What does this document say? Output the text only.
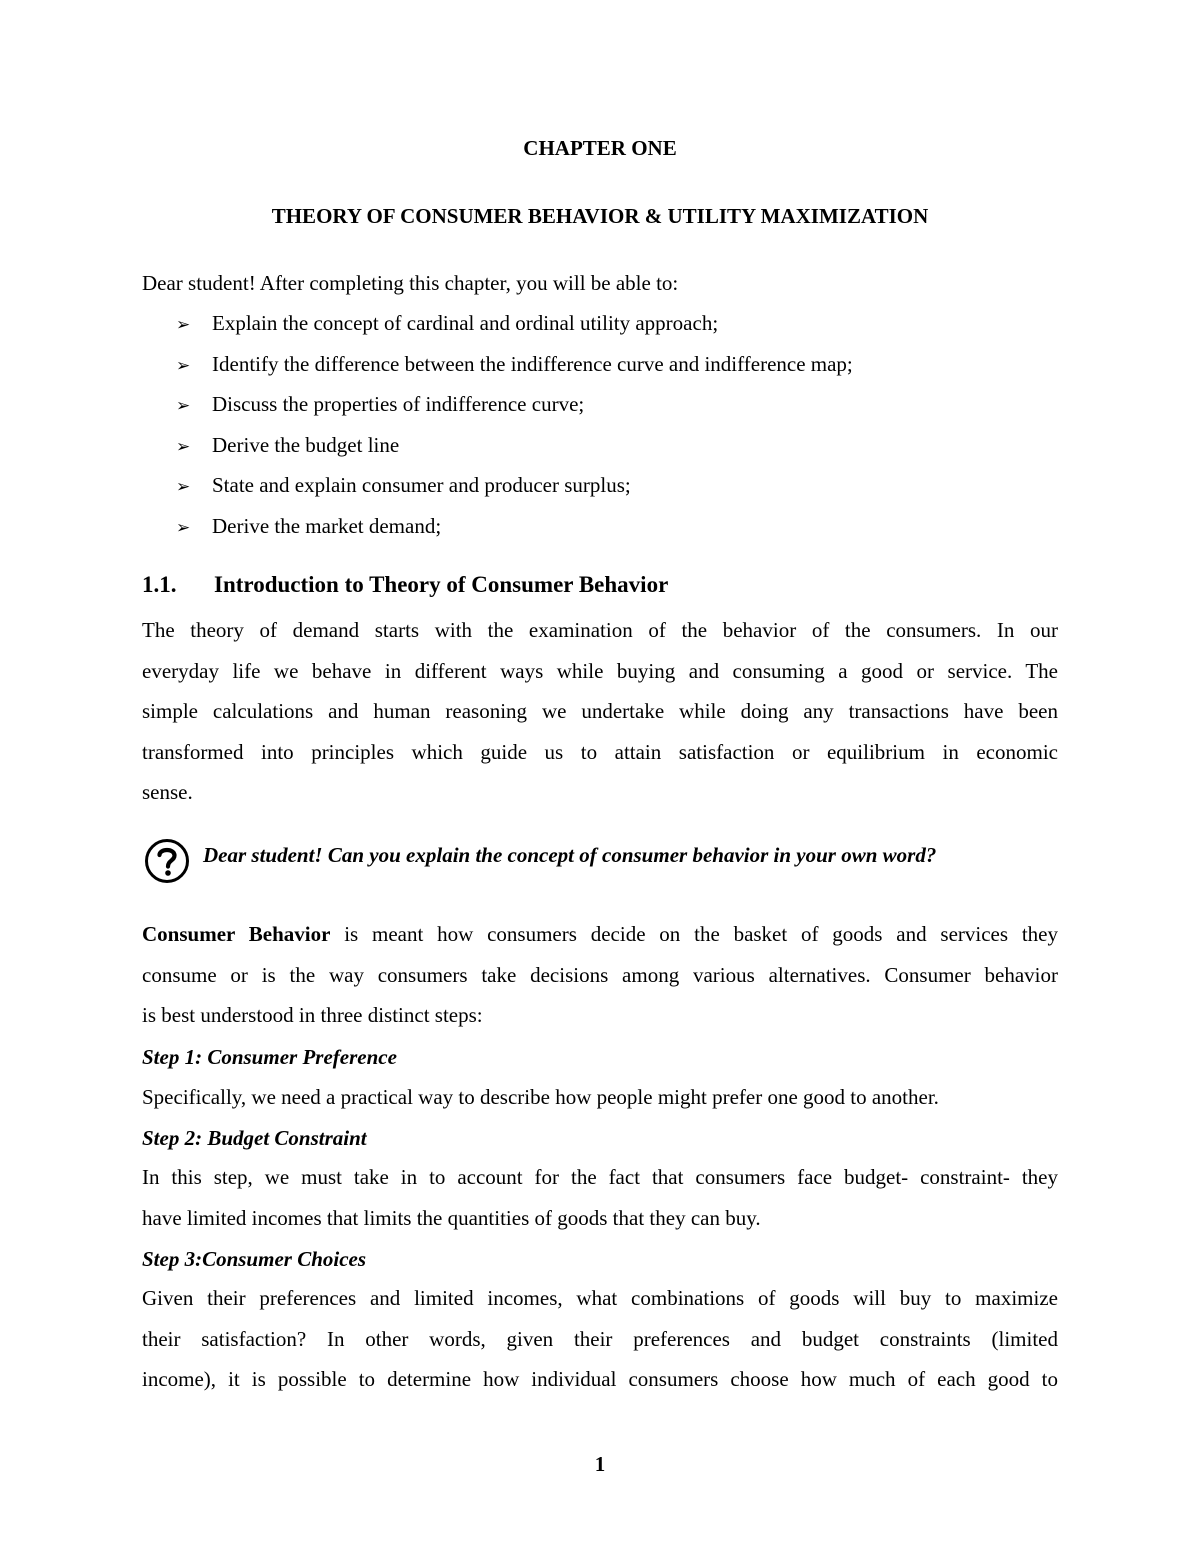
CHAPTER ONE
THEORY OF CONSUMER BEHAVIOR & UTILITY MAXIMIZATION
Dear student! After completing this chapter, you will be able to:
➢ Explain the concept of cardinal and ordinal utility approach;
➢ Identify the difference between the indifference curve and indifference map;
➢ Discuss the properties of indifference curve;
➢ Derive the budget line
➢ State and explain consumer and producer surplus;
➢ Derive the market demand;
1.1. Introduction to Theory of Consumer Behavior
The theory of demand starts with the examination of the behavior of the consumers. In our
everyday life we behave in different ways while buying and consuming a good or service. The
simple calculations and human reasoning we undertake while doing any transactions have been
transformed into principles which guide us to attain satisfaction or equilibrium in economic
sense.
Dear student! Can you explain the concept of consumer behavior in your own word?
Consumer Behavior is meant how consumers decide on the basket of goods and services they
consume or is the way consumers take decisions among various alternatives. Consumer behavior
is best understood in three distinct steps:
Step 1: Consumer Preference
Specifically, we need a practical way to describe how people might prefer one good to another.
Step 2: Budget Constraint
In this step, we must take in to account for the fact that consumers face budget- constraint- they
have limited incomes that limits the quantities of goods that they can buy.
Step 3:Consumer Choices
Given their preferences and limited incomes, what combinations of goods will buy to maximize
their satisfaction? In other words, given their preferences and budget constraints (limited
income), it is possible to determine how individual consumers choose how much of each good to
1
